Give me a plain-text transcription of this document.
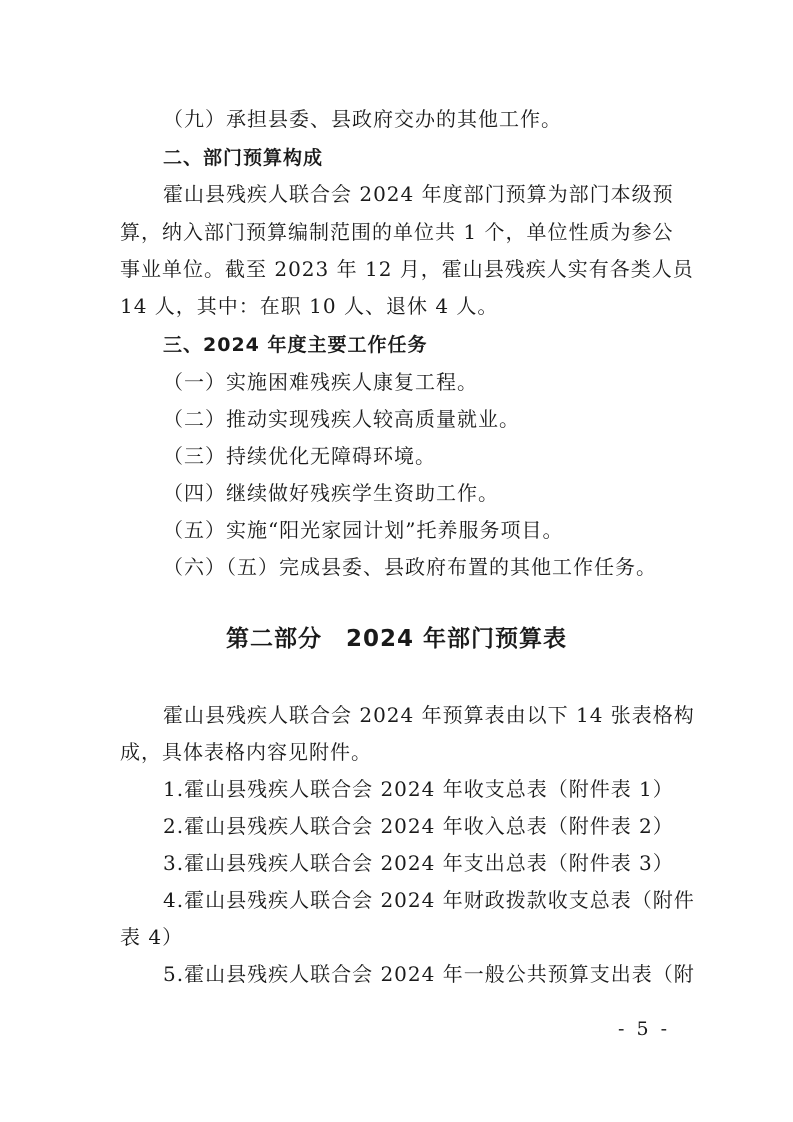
（九）承担县委、县政府交办的其他工作。
二、部门预算构成
霍山县残疾人联合会 2024 年度部门预算为部门本级预
算，纳入部门预算编制范围的单位共 1 个，单位性质为参公
事业单位。截至 2023 年 12 月，霍山县残疾人实有各类人员
14 人，其中：在职 10 人、退休 4 人。
三、2024 年度主要工作任务
（一）实施困难残疾人康复工程。
（二）推动实现残疾人较高质量就业。
（三）持续优化无障碍环境。
（四）继续做好残疾学生资助工作。
（五）实施“阳光家园计划”托养服务项目。
（六）（五）完成县委、县政府布置的其他工作任务。
第二部分　2024 年部门预算表
霍山县残疾人联合会 2024 年预算表由以下 14 张表格构
成，具体表格内容见附件。
1.霍山县残疾人联合会 2024 年收支总表（附件表 1）
2.霍山县残疾人联合会 2024 年收入总表（附件表 2）
3.霍山县残疾人联合会 2024 年支出总表（附件表 3）
4.霍山县残疾人联合会 2024 年财政拨款收支总表（附件
表 4）
5.霍山县残疾人联合会 2024 年一般公共预算支出表（附
- 5 -
